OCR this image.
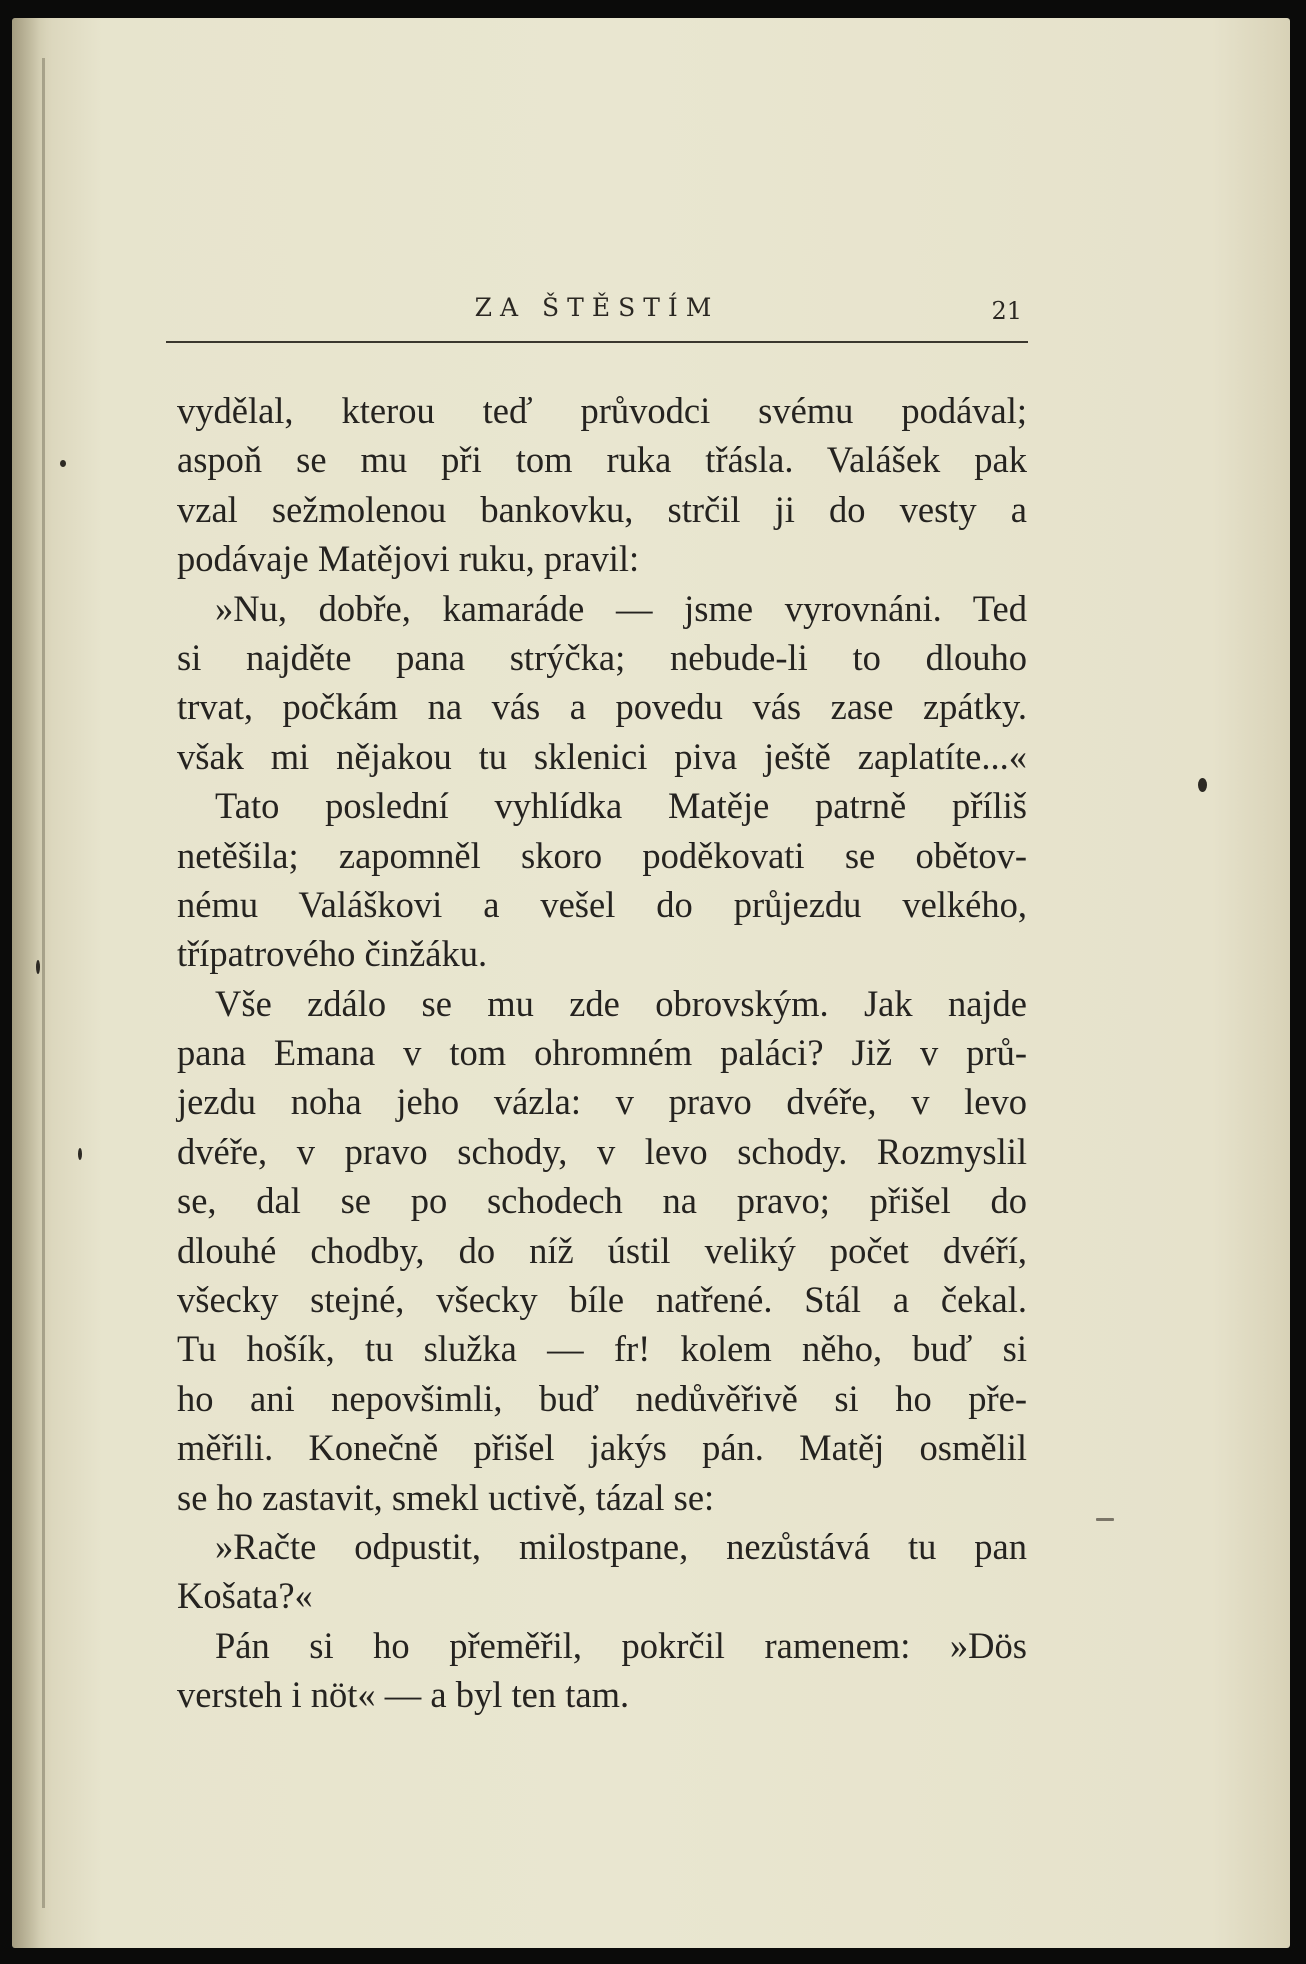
ZA ŠTĚSTÍM	21
vydělal, kterou teď průvodci svému podával;
aspoň se mu při tom ruka třásla. Valášek pak
vzal sežmolenou bankovku, strčil ji do vesty a
podávaje Matějovi ruku, pravil:
»Nu, dobře, kamaráde — jsme vyrovnáni. Ted
si najděte pana strýčka; nebude-li to dlouho
trvat, počkám na vás a povedu vás zase zpátky.
však mi nějakou tu sklenici piva ještě zaplatíte...«
Tato poslední vyhlídka Matěje patrně příliš
netěšila; zapomněl skoro poděkovati se obětov-
nému Valáškovi a vešel do průjezdu velkého,
třípatrového činžáku.
Vše zdálo se mu zde obrovským. Jak najde
pana Emana v tom ohromném paláci? Již v prů-
jezdu noha jeho vázla: v pravo dvéře, v levo
dvéře, v pravo schody, v levo schody. Rozmyslil
se, dal se po schodech na pravo; přišel do
dlouhé chodby, do níž ústil veliký počet dvéří,
všecky stejné, všecky bíle natřené. Stál a čekal.
Tu hošík, tu služka — fr! kolem něho, buď si
ho ani nepovšimli, buď nedůvěřivě si ho pře-
měřili. Konečně přišel jakýs pán. Matěj osmělil
se ho zastavit, smekl uctivě, tázal se:
»Račte odpustit, milostpane, nezůstává tu pan
Košata?«
Pán si ho přeměřil, pokrčil ramenem: »Dös
versteh i nöt« — a byl ten tam.
